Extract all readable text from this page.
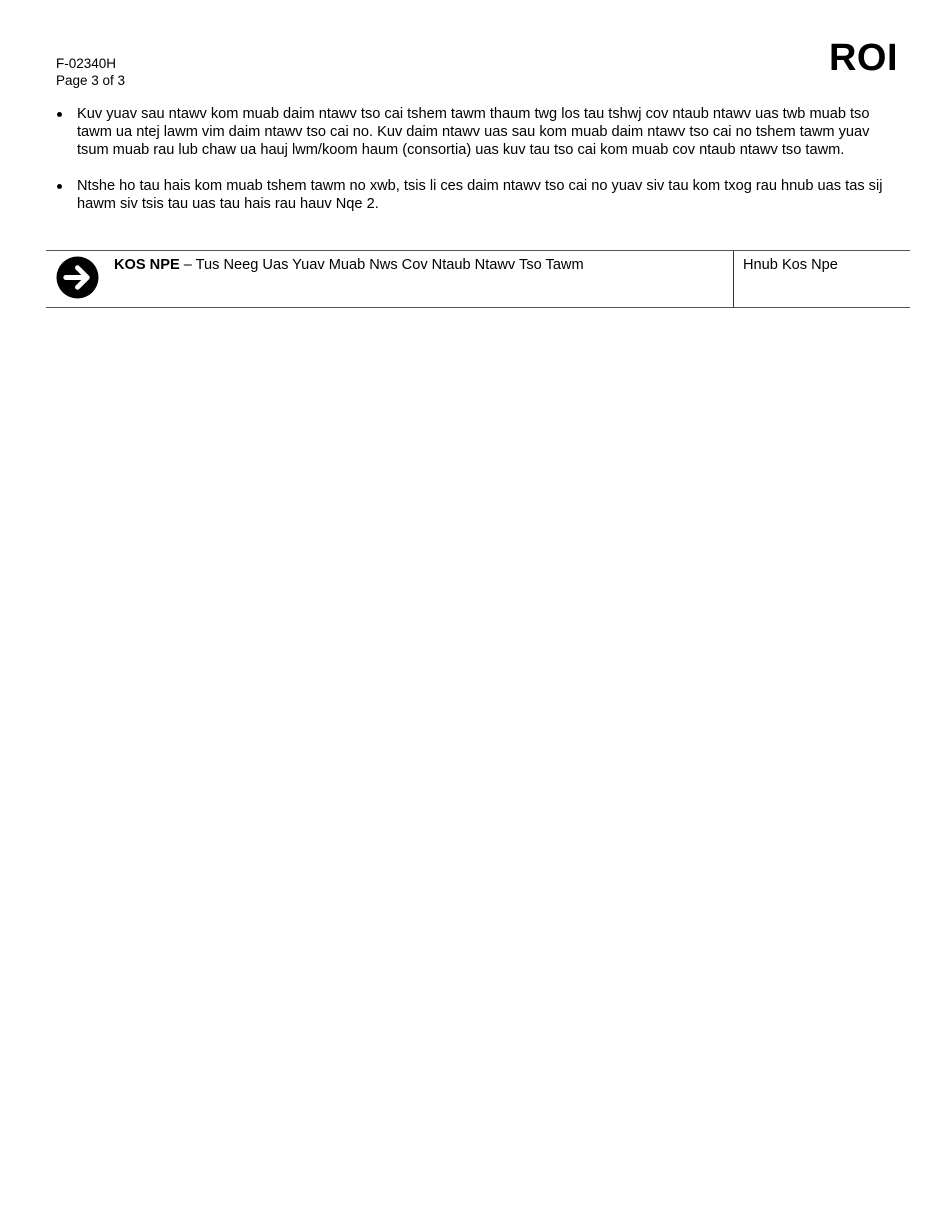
F-02340H
Page 3 of 3
ROI
Kuv yuav sau ntawv kom muab daim ntawv tso cai tshem tawm thaum twg los tau tshwj cov ntaub ntawv uas twb muab tso tawm ua ntej lawm vim daim ntawv tso cai no. Kuv daim ntawv uas sau kom muab daim ntawv tso cai no tshem tawm yuav tsum muab rau lub chaw ua hauj lwm/koom haum (consortia) uas kuv tau tso cai kom muab cov ntaub ntawv tso tawm.
Ntshe ho tau hais kom muab tshem tawm no xwb, tsis li ces daim ntawv tso cai no yuav siv tau kom txog rau hnub uas tas sij hawm siv tsis tau uas tau hais rau hauv Nqe 2.
KOS NPE – Tus Neeg Uas Yuav Muab Nws Cov Ntaub Ntawv Tso Tawm	Hnub Kos Npe
